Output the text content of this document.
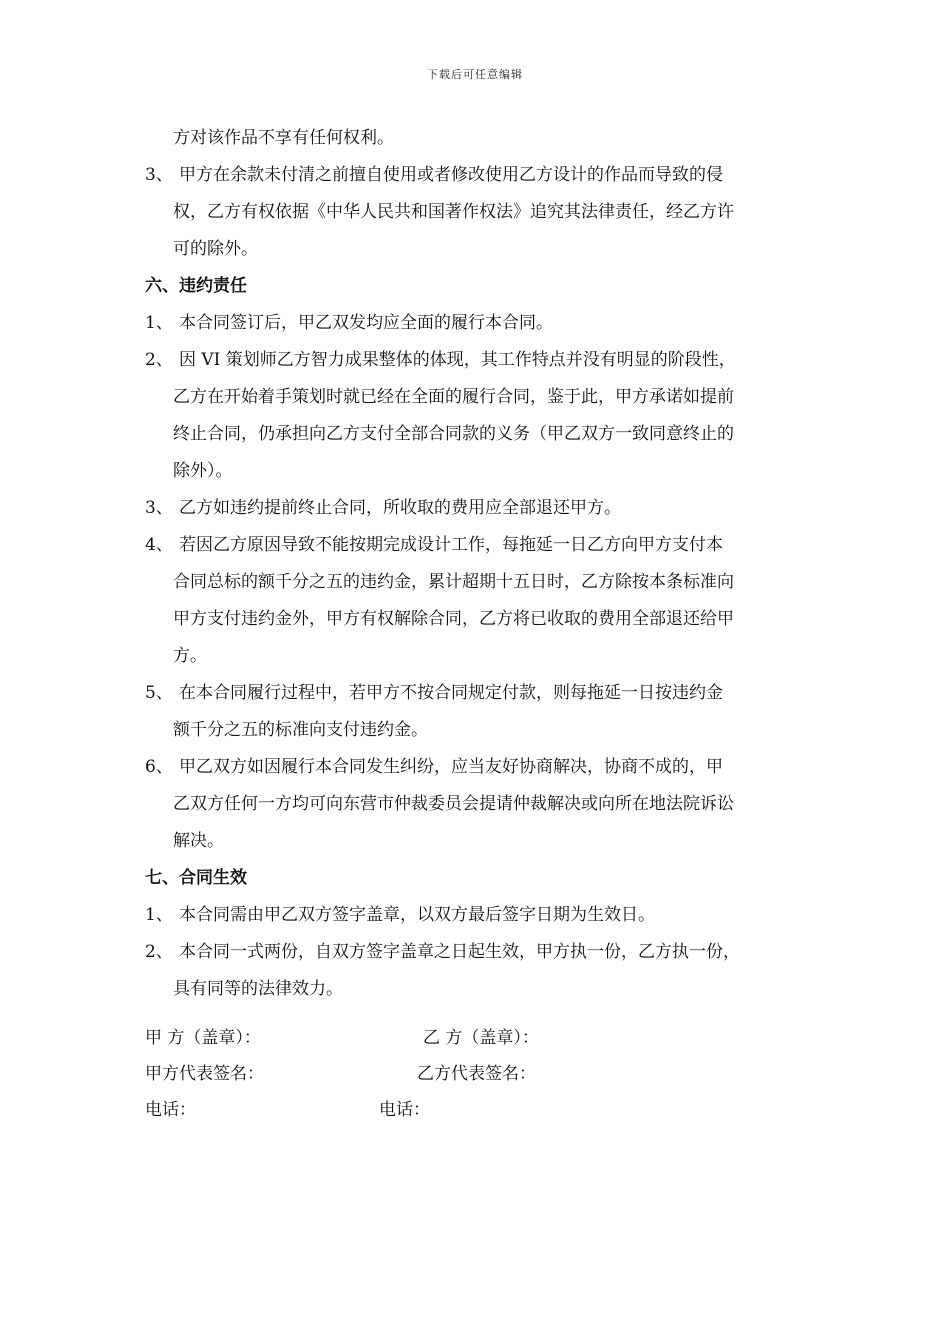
下载后可任意编辑
方对该作品不享有任何权利。
3、 甲方在余款未付清之前擅自使用或者修改使用乙方设计的作品而导致的侵
权，乙方有权依据《中华人民共和国著作权法》追究其法律责任，经乙方许
可的除外。
六、违约责任
1、 本合同签订后，甲乙双发均应全面的履行本合同。
2、 因 VI 策划师乙方智力成果整体的体现，其工作特点并没有明显的阶段性，
乙方在开始着手策划时就已经在全面的履行合同，鉴于此，甲方承诺如提前
终止合同，仍承担向乙方支付全部合同款的义务（甲乙双方一致同意终止的
除外）。
3、 乙方如违约提前终止合同，所收取的费用应全部退还甲方。
4、 若因乙方原因导致不能按期完成设计工作，每拖延一日乙方向甲方支付本
合同总标的额千分之五的违约金，累计超期十五日时，乙方除按本条标准向
甲方支付违约金外，甲方有权解除合同，乙方将已收取的费用全部退还给甲
方。
5、 在本合同履行过程中，若甲方不按合同规定付款，则每拖延一日按违约金
额千分之五的标准向支付违约金。
6、 甲乙双方如因履行本合同发生纠纷，应当友好协商解决，协商不成的，甲
乙双方任何一方均可向东营市仲裁委员会提请仲裁解决或向所在地法院诉讼
解决。
七、合同生效
1、 本合同需由甲乙双方签字盖章，以双方最后签字日期为生效日。
2、 本合同一式两份，自双方签字盖章之日起生效，甲方执一份，乙方执一份，
具有同等的法律效力。
甲 方（盖章）：	乙 方（盖章）：
甲方代表签名：	乙方代表签名：
电话：	电话：
